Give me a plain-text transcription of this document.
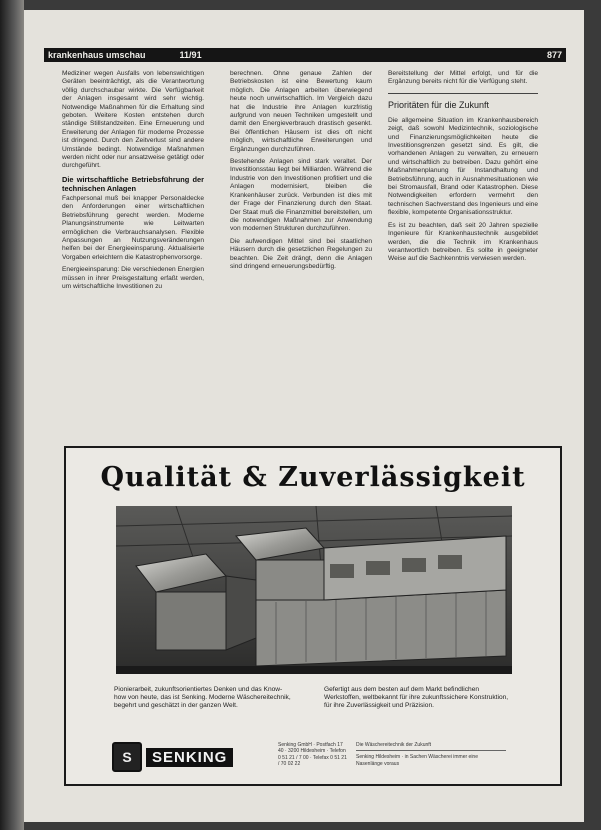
krankenhaus umschau	11/91	877

Mediziner wegen Ausfalls von lebenswichtigen Geräten beeinträchtigt, als die Verantwortung völlig durchschaubar wirkte. Die Verfügbarkeit der Anlagen insgesamt wird sehr wichtig. Notwendige Maßnahmen für die Erhaltung sind geboten. Weitere Kosten entstehen durch ständige Stillstandzeiten. Eine Erneuerung und Erweiterung der Anlagen für moderne Prozesse ist dringend. Durch den Zeitverlust sind andere Umstände bedingt. Notwendige Maßnahmen werden nicht oder nur ansatzweise getätigt oder durchgeführt.

Die wirtschaftliche Betriebsführung der technischen Anlagen

Fachpersonal muß bei knapper Personaldecke den Anforderungen einer wirtschaftlichen Betriebsführung gerecht werden. Moderne Planungsinstrumente wie Leitwarten ermöglichen die Verbrauchsanalysen. Flexible Anpassungen an Nutzungsveränderungen helfen bei der Energieeinsparung. Aktualisierte Vorgaben erleichtern die Katastrophenvorsorge.

Energieeinsparung: Die verschiedenen Energien müssen in ihrer Preisgestaltung erfaßt werden, um wirtschaftliche Investitionen zu

berechnen. Ohne genaue Zahlen der Betriebskosten ist eine Bewertung kaum möglich. Die Anlagen arbeiten überwiegend heute noch unwirtschaftlich. Im Vergleich dazu hat die Industrie ihre Anlagen kurzfristig aufgrund von neuen Techniken umgestellt und damit den Energieverbrauch drastisch gesenkt. Bei öffentlichen Häusern ist dies oft nicht möglich, wirtschaftliche Erweiterungen und Ergänzungen durchzuführen.

Bestehende Anlagen sind stark veraltet. Der Investitionsstau liegt bei Milliarden. Während die Industrie von den Investitionen profitiert und die Anlagen modernisiert, bleiben die Krankenhäuser zurück. Verbunden ist dies mit der Frage der Finanzierung durch den Staat. Der Staat muß die Finanzmittel bereitstellen, um die notwendigen Maßnahmen zur Anwendung von modernen Strukturen durchzuführen.

Die aufwendigen Mittel sind bei staatlichen Häusern durch die gesetzlichen Regelungen zu beachten. Die Zeit drängt, denn die Anlagen sind dringend erneuerungsbedürftig.

Bereitstellung der Mittel erfolgt, und für die Ergänzung bereits nicht für die Verfügung steht.

Prioritäten für die Zukunft

Die allgemeine Situation im Krankenhausbereich zeigt, daß sowohl Medizintechnik, soziologische und Finanzierungsmöglichkeiten heute die Investitionsgrenzen gesetzt sind. Es gilt, die vorhandenen Anlagen zu verwalten, zu erneuern und wirtschaftlich zu betreiben. Dazu gehört eine Maßnahmenplanung für Instandhaltung und Betriebsführung, auch in Ausnahmesituationen wie bei Stromausfall, Brand oder Katastrophen. Diese Notwendigkeiten erfordern vermehrt den technischen Sachverstand des Ingenieurs und eine flexible, kompetente Organisationsstruktur.

Es ist zu beachten, daß seit 20 Jahren spezielle Ingenieure für Krankenhaustechnik ausgebildet werden, die die Technik im Krankenhaus verantwortlich betreiben. Es sollte in geeigneter Weise auf die Sachkenntnis verwiesen werden.

Qualität & Zuverlässigkeit
Pionierarbeit, zukunftsorientiertes Denken und das Know-how von heute, das ist Senking. Moderne Wäschereitechnik, begehrt und geschätzt in der ganzen Welt.
Gefertigt aus dem besten auf dem Markt befindlichen Werkstoffen, weltbekannt für ihre zukunftssichere Konstruktion, für ihre Zuverlässigkeit und Präzision.
S	SENKING
Senking GmbH · Postfach 17 40 · 3200 Hildesheim · Telefon 0 51 21 / 7 00 · Telefax 0 51 21 / 70 02 22
Die Wäschereitechnik der Zukunft
Senking Hildesheim · in Sachen Wäscherei immer eine Nasenlänge voraus
